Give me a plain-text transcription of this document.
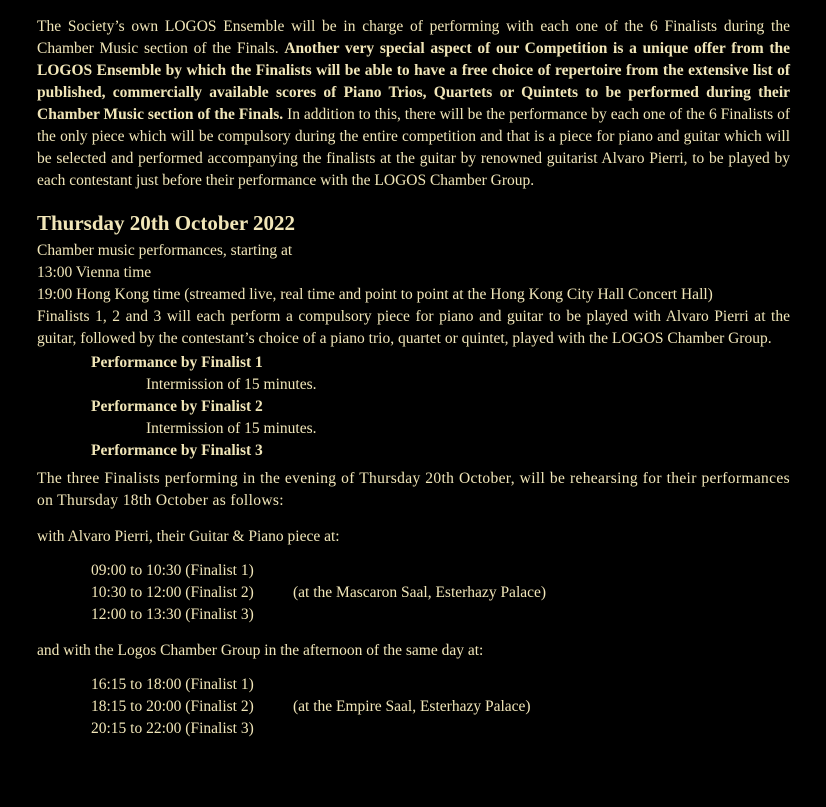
The Society’s own LOGOS Ensemble will be in charge of performing with each one of the 6 Finalists during the Chamber Music section of the Finals. Another very special aspect of our Competition is a unique offer from the LOGOS Ensemble by which the Finalists will be able to have a free choice of repertoire from the extensive list of published, commercially available scores of Piano Trios, Quartets or Quintets to be performed during their Chamber Music section of the Finals. In addition to this, there will be the performance by each one of the 6 Finalists of the only piece which will be compulsory during the entire competition and that is a piece for piano and guitar which will be selected and performed accompanying the finalists at the guitar by renowned guitarist Alvaro Pierri, to be played by each contestant just before their performance with the LOGOS Chamber Group.

Thursday 20th October 2022

Chamber music performances, starting at

13:00 Vienna time

19:00 Hong Kong time (streamed live, real time and point to point at the Hong Kong City Hall Concert Hall)

Finalists 1, 2 and 3 will each perform a compulsory piece for piano and guitar to be played with Alvaro Pierri at the guitar, followed by the contestant’s choice of a piano trio, quartet or quintet, played with the LOGOS Chamber Group.

Performance by Finalist 1
Intermission of 15 minutes.
Performance by Finalist 2
Intermission of 15 minutes.
Performance by Finalist 3

The three Finalists performing in the evening of Thursday 20th October, will be rehearsing for their performances on Thursday 18th October as follows:

with Alvaro Pierri, their Guitar & Piano piece at:

09:00 to 10:30 (Finalist 1)
10:30 to 12:00 (Finalist 2)
12:00 to 13:30 (Finalist 3)
(at the Mascaron Saal, Esterhazy Palace)

and with the Logos Chamber Group in the afternoon of the same day at:

16:15 to 18:00 (Finalist 1)
18:15 to 20:00 (Finalist 2)
20:15 to 22:00 (Finalist 3)
(at the Empire Saal, Esterhazy Palace)
